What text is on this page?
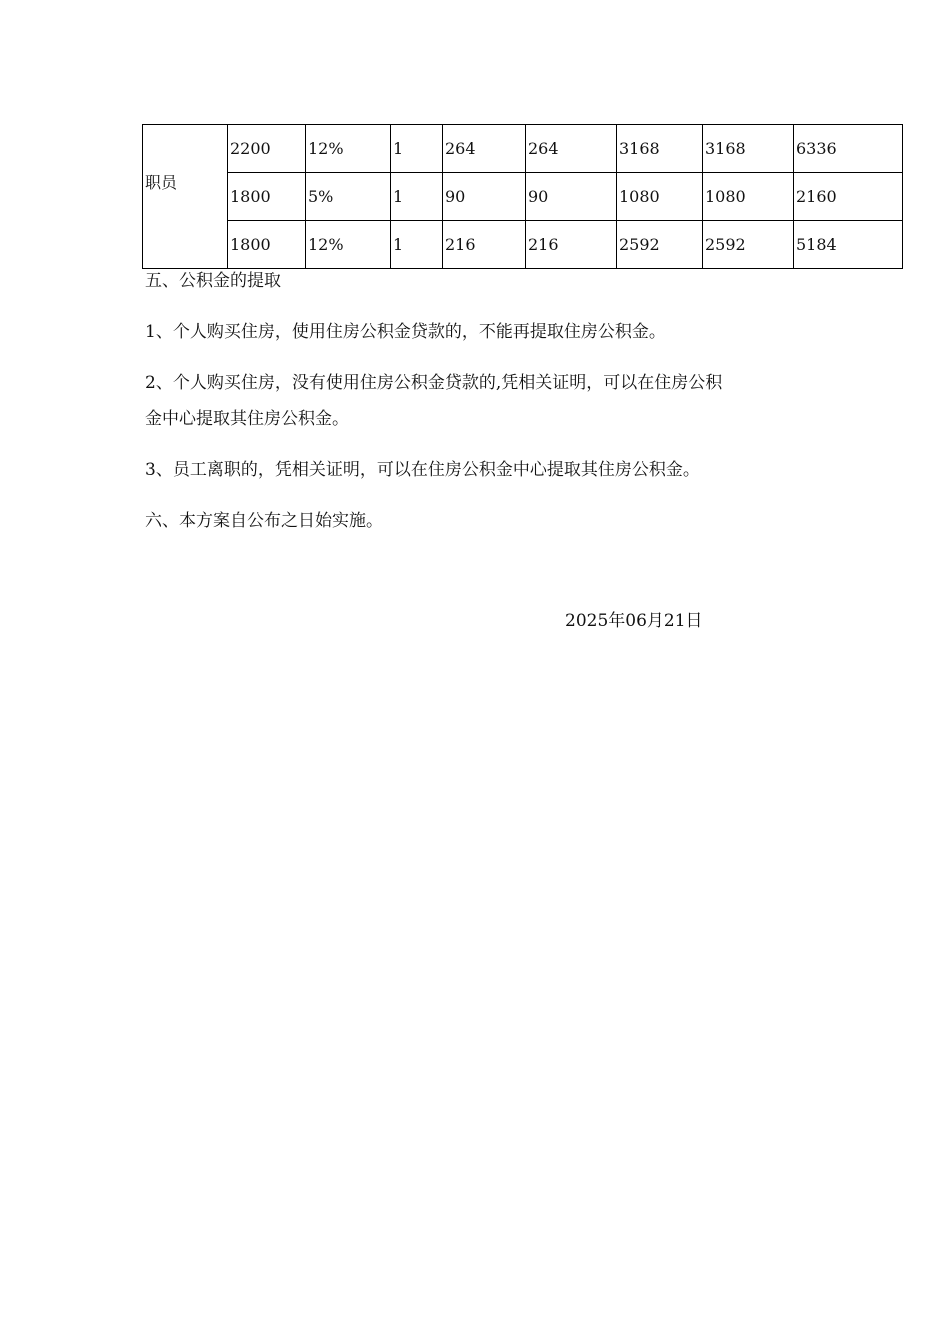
职员	2200	12%	1	264	264	3168	3168	6336
	1800	5%	1	90	90	1080	1080	2160
	1800	12%	1	216	216	2592	2592	5184

五、公积金的提取

1、个人购买住房，使用住房公积金贷款的，不能再提取住房公积金。

2、个人购买住房，没有使用住房公积金贷款的,凭相关证明，可以在住房公积

金中心提取其住房公积金。

3、员工离职的，凭相关证明，可以在住房公积金中心提取其住房公积金。

六、本方案自公布之日始实施。

2025年06月21日
